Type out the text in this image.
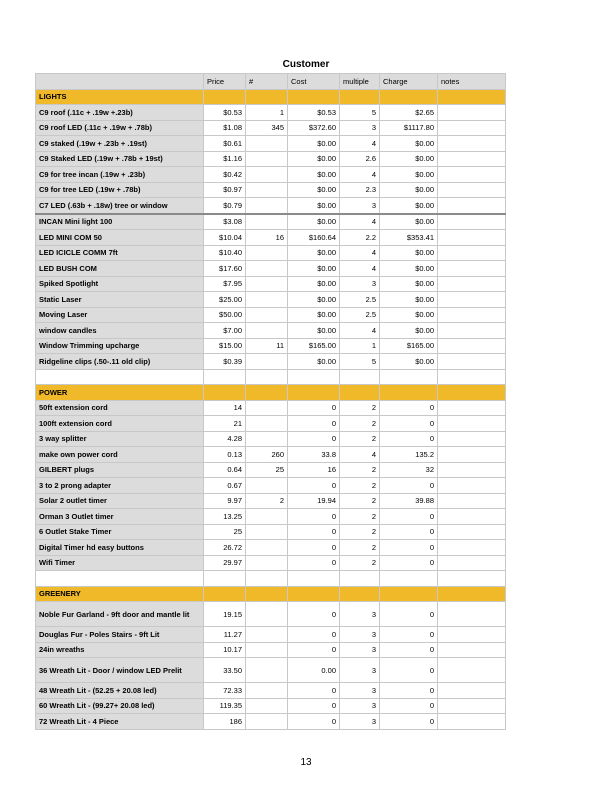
Customer
	Price	#	Cost	multiple	Charge	notes
LIGHTS						
C9 roof (.11c + .19w +.23b)	$0.53	1	$0.53	5	$2.65	
C9 roof LED (.11c + .19w + .78b)	$1.08	345	$372.60	3	$1117.80	
C9 staked (.19w + .23b + .19st)	$0.61		$0.00	4	$0.00	
C9 Staked LED (.19w + .78b + 19st)	$1.16		$0.00	2.6	$0.00	
C9 for tree incan (.19w + .23b)	$0.42		$0.00	4	$0.00	
C9 for tree LED (.19w + .78b)	$0.97		$0.00	2.3	$0.00	
C7 LED (.63b + .18w) tree or window	$0.79		$0.00	3	$0.00	
INCAN Mini light 100	$3.08		$0.00	4	$0.00	
LED MINI COM 50	$10.04	16	$160.64	2.2	$353.41	
LED ICICLE COMM 7ft	$10.40		$0.00	4	$0.00	
LED BUSH COM	$17.60		$0.00	4	$0.00	
Spiked Spotlight	$7.95		$0.00	3	$0.00	
Static Laser	$25.00		$0.00	2.5	$0.00	
Moving Laser	$50.00		$0.00	2.5	$0.00	
window candles	$7.00		$0.00	4	$0.00	
Window Trimming upcharge	$15.00	11	$165.00	1	$165.00	
Ridgeline clips (.50-.11 old clip)	$0.39		$0.00	5	$0.00	

POWER						
50ft extension cord	14		0	2	0	
100ft extension cord	21		0	2	0	
3 way splitter	4.28		0	2	0	
make own power cord	0.13	260	33.8	4	135.2	
GILBERT plugs	0.64	25	16	2	32	
3 to 2 prong adapter	0.67		0	2	0	
Solar 2 outlet timer	9.97	2	19.94	2	39.88	
Orman 3 Outlet timer	13.25		0	2	0	
6 Outlet Stake Timer	25		0	2	0	
Digital Timer hd easy buttons	26.72		0	2	0	
Wifi Timer	29.97		0	2	0	

GREENERY						
Noble Fur Garland - 9ft door and mantle lit	19.15		0	3	0	
Douglas Fur - Poles Stairs - 9ft Lit	11.27		0	3	0	
24in wreaths	10.17		0	3	0	
36 Wreath Lit - Door / window LED Prelit	33.50		0.00	3	0	
48 Wreath Lit - (52.25 + 20.08 led)	72.33		0	3	0	
60 Wreath Lit - (99.27+ 20.08 led)	119.35		0	3	0	
72 Wreath Lit - 4 Piece	186		0	3	0	
13
